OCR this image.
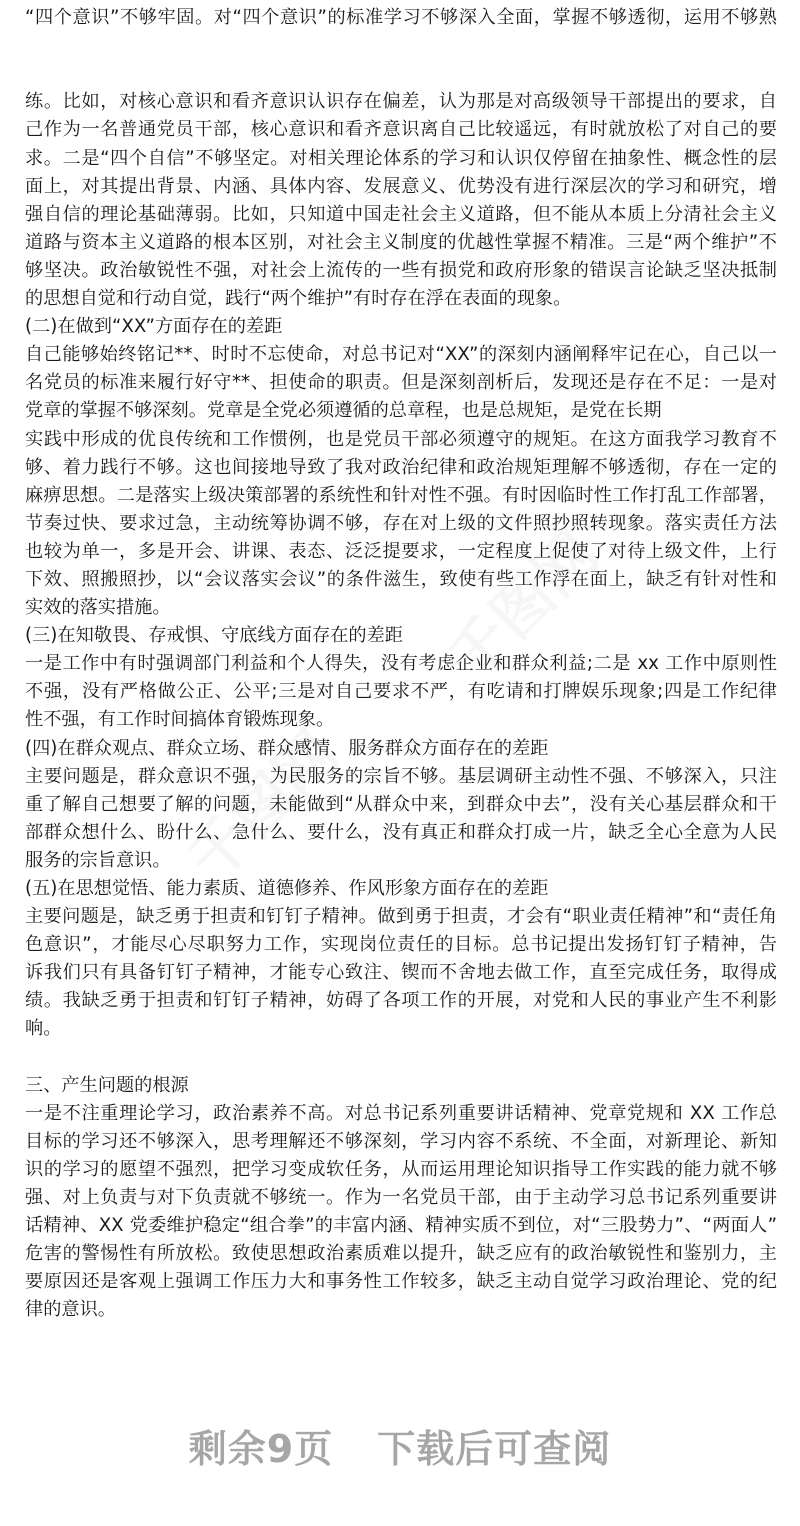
“四个意识”不够牢固。对“四个意识”的标准学习不够深入全面，掌握不够透彻，运用不够熟
练。比如，对核心意识和看齐意识认识存在偏差，认为那是对高级领导干部提出的要求，自
己作为一名普通党员干部，核心意识和看齐意识离自己比较遥远，有时就放松了对自己的要
求。二是“四个自信”不够坚定。对相关理论体系的学习和认识仅停留在抽象性、概念性的层
面上，对其提出背景、内涵、具体内容、发展意义、优势没有进行深层次的学习和研究，增
强自信的理论基础薄弱。比如，只知道中国走社会主义道路，但不能从本质上分清社会主义
道路与资本主义道路的根本区别，对社会主义制度的优越性掌握不精准。三是“两个维护”不
够坚决。政治敏锐性不强，对社会上流传的一些有损党和政府形象的错误言论缺乏坚决抵制
的思想自觉和行动自觉，践行“两个维护”有时存在浮在表面的现象。
(二)在做到“XX”方面存在的差距
自己能够始终铭记**、时时不忘使命，对总书记对“XX”的深刻内涵阐释牢记在心，自己以一
名党员的标准来履行好守**、担使命的职责。但是深刻剖析后，发现还是存在不足：一是对
党章的掌握不够深刻。党章是全党必须遵循的总章程，也是总规矩，是党在长期
实践中形成的优良传统和工作惯例，也是党员干部必须遵守的规矩。在这方面我学习教育不
够、着力践行不够。这也间接地导致了我对政治纪律和政治规矩理解不够透彻，存在一定的
麻痹思想。二是落实上级决策部署的系统性和针对性不强。有时因临时性工作打乱工作部署，
节奏过快、要求过急，主动统筹协调不够，存在对上级的文件照抄照转现象。落实责任方法
也较为单一，多是开会、讲课、表态、泛泛提要求，一定程度上促使了对待上级文件，上行
下效、照搬照抄，以“会议落实会议”的条件滋生，致使有些工作浮在面上，缺乏有针对性和
实效的落实措施。
(三)在知敬畏、存戒惧、守底线方面存在的差距
一是工作中有时强调部门利益和个人得失，没有考虑企业和群众利益;二是 xx 工作中原则性
不强，没有严格做公正、公平;三是对自己要求不严，有吃请和打牌娱乐现象;四是工作纪律
性不强，有工作时间搞体育锻炼现象。
(四)在群众观点、群众立场、群众感情、服务群众方面存在的差距
主要问题是，群众意识不强，为民服务的宗旨不够。基层调研主动性不强、不够深入，只注
重了解自己想要了解的问题，未能做到“从群众中来，到群众中去”，没有关心基层群众和干
部群众想什么、盼什么、急什么、要什么，没有真正和群众打成一片，缺乏全心全意为人民
服务的宗旨意识。
(五)在思想觉悟、能力素质、道德修养、作风形象方面存在的差距
主要问题是，缺乏勇于担责和钉钉子精神。做到勇于担责，才会有“职业责任精神”和“责任角
色意识”，才能尽心尽职努力工作，实现岗位责任的目标。总书记提出发扬钉钉子精神，告
诉我们只有具备钉钉子精神，才能专心致注、锲而不舍地去做工作，直至完成任务，取得成
绩。我缺乏勇于担责和钉钉子精神，妨碍了各项工作的开展，对党和人民的事业产生不利影
响。
三、产生问题的根源
一是不注重理论学习，政治素养不高。对总书记系列重要讲话精神、党章党规和 XX 工作总
目标的学习还不够深入，思考理解还不够深刻，学习内容不系统、不全面，对新理论、新知
识的学习的愿望不强烈，把学习变成软任务，从而运用理论知识指导工作实践的能力就不够
强、对上负责与对下负责就不够统一。作为一名党员干部，由于主动学习总书记系列重要讲
话精神、XX 党委维护稳定“组合拳”的丰富内涵、精神实质不到位，对“三股势力”、“两面人”
危害的警惕性有所放松。致使思想政治素质难以提升，缺乏应有的政治敏锐性和鉴别力，主
要原因还是客观上强调工作压力大和事务性工作较多，缺乏主动自觉学习政治理论、党的纪
律的意识。
剩余9页 下载后可查阅
